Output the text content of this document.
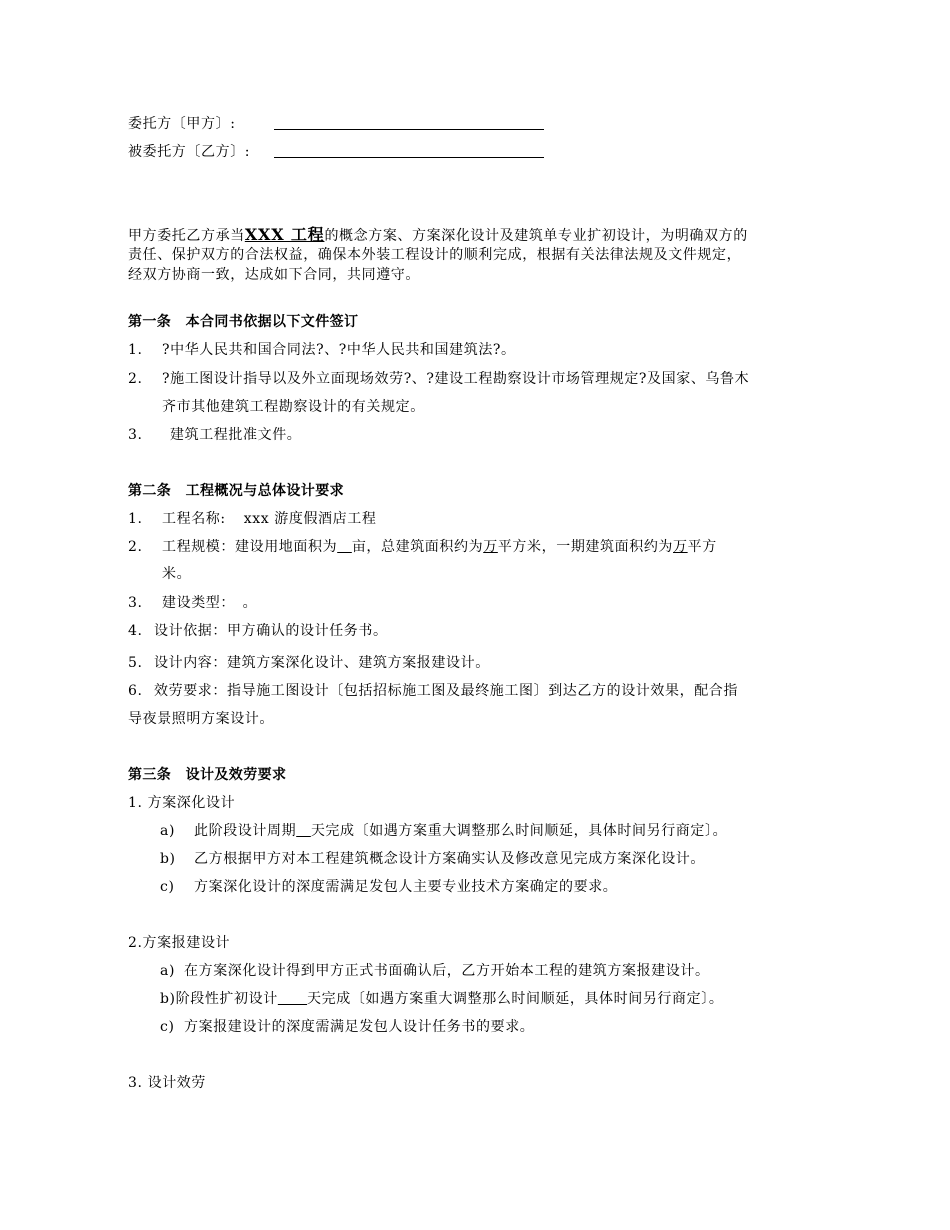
委托方〔甲方〕:
被委托方〔乙方〕:
甲方委托乙方承当XXX 工程的概念方案、方案深化设计及建筑单专业扩初设计，为明确双方的
责任、保护双方的合法权益，确保本外装工程设计的顺利完成，根据有关法律法规及文件规定，
经双方协商一致，达成如下合同，共同遵守。
第一条　本合同书依据以下文件签订
1. ?中华人民共和国合同法?、?中华人民共和国建筑法?。
2. ?施工图设计指导以及外立面现场效劳?、?建设工程勘察设计市场管理规定?及国家、乌鲁木
齐市其他建筑工程勘察设计的有关规定。
3. 建筑工程批准文件。
第二条　工程概况与总体设计要求
1. 工程名称: xxx 游度假酒店工程
2. 工程规模：建设用地面积为　 亩，总建筑面积约为万平方米，一期建筑面积约为万平方
米。
3. 建设类型：　。
4. 设计依据：甲方确认的设计任务书。
5. 设计内容：建筑方案深化设计、建筑方案报建设计。
6. 效劳要求：指导施工图设计〔包括招标施工图及最终施工图〕到达乙方的设计效果，配合指
导夜景照明方案设计。
第三条　设计及效劳要求
1. 方案深化设计
a) 此阶段设计周期　 天完成〔如遇方案重大调整那么时间顺延，具体时间另行商定〕。
b) 乙方根据甲方对本工程建筑概念设计方案确实认及修改意见完成方案深化设计。
c) 方案深化设计的深度需满足发包人主要专业技术方案确定的要求。
2.方案报建设计
a) 在方案深化设计得到甲方正式书面确认后，乙方开始本工程的建筑方案报建设计。
b)阶段性扩初设计　　 天完成〔如遇方案重大调整那么时间顺延，具体时间另行商定〕。
c) 方案报建设计的深度需满足发包人设计任务书的要求。
3. 设计效劳
